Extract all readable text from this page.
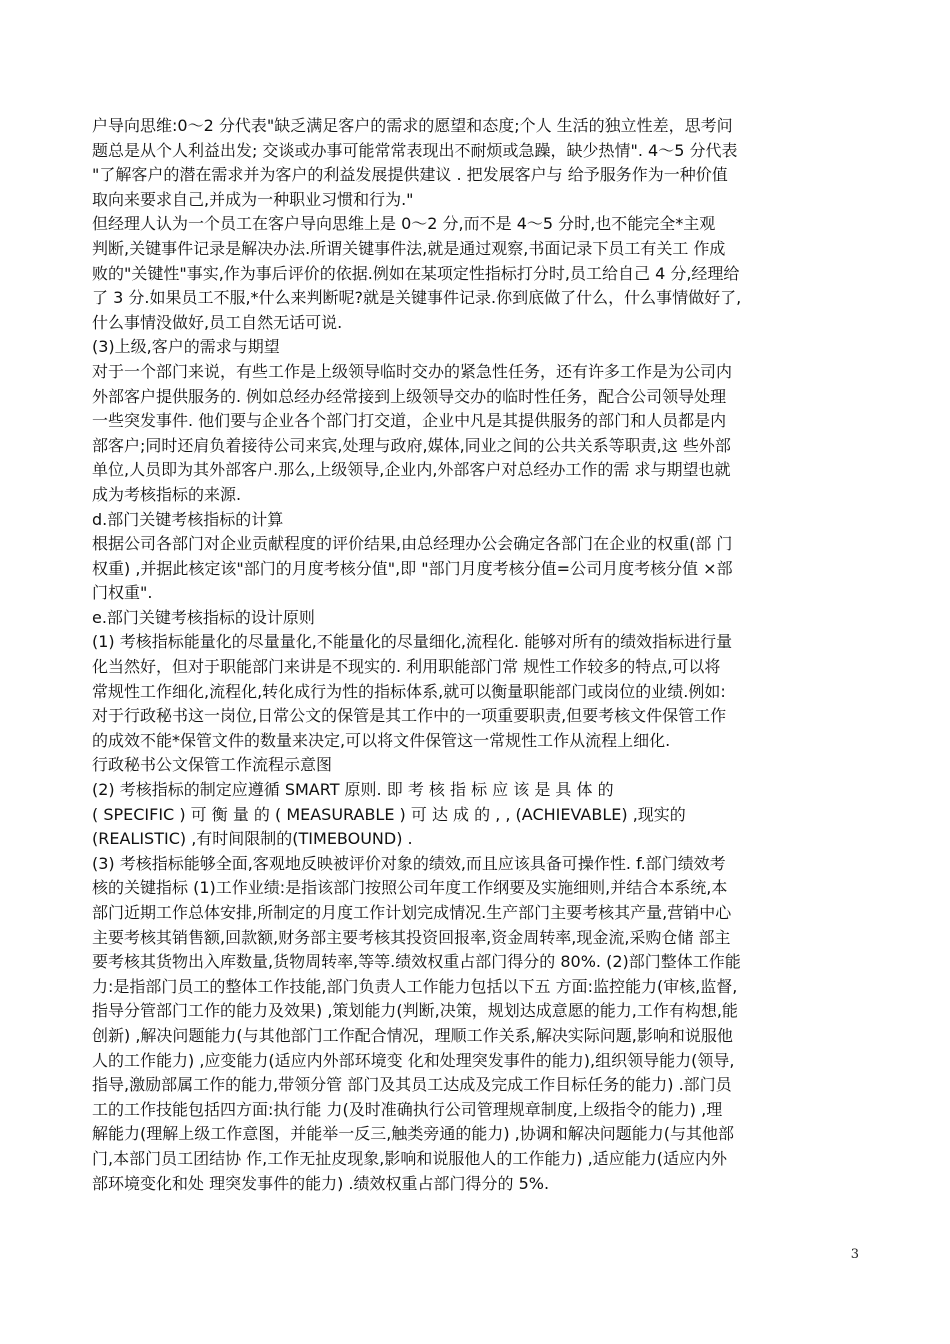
户导向思维:0～2 分代表"缺乏满足客户的需求的愿望和态度;个人 生活的独立性差，思考问
题总是从个人利益出发; 交谈或办事可能常常表现出不耐烦或急躁，缺少热情". 4～5 分代表
"了解客户的潜在需求并为客户的利益发展提供建议 . 把发展客户与 给予服务作为一种价值
取向来要求自己,并成为一种职业习惯和行为."
但经理人认为一个员工在客户导向思维上是 0～2 分,而不是 4～5 分时,也不能完全*主观
判断,关键事件记录是解决办法.所谓关键事件法,就是通过观察,书面记录下员工有关工 作成
败的"关键性"事实,作为事后评价的依据.例如在某项定性指标打分时,员工给自己 4 分,经理给
了 3 分.如果员工不服,*什么来判断呢?就是关键事件记录.你到底做了什么，什么事情做好了,
什么事情没做好,员工自然无话可说.
(3)上级,客户的需求与期望
对于一个部门来说，有些工作是上级领导临时交办的紧急性任务，还有许多工作是为公司内
外部客户提供服务的. 例如总经办经常接到上级领导交办的临时性任务，配合公司领导处理
一些突发事件. 他们要与企业各个部门打交道，企业中凡是其提供服务的部门和人员都是内
部客户;同时还肩负着接待公司来宾,处理与政府,媒体,同业之间的公共关系等职责,这 些外部
单位,人员即为其外部客户.那么,上级领导,企业内,外部客户对总经办工作的需 求与期望也就
成为考核指标的来源.
d.部门关键考核指标的计算
根据公司各部门对企业贡献程度的评价结果,由总经理办公会确定各部门在企业的权重(部 门
权重) ,并据此核定该"部门的月度考核分值",即 "部门月度考核分值=公司月度考核分值 ×部
门权重".
e.部门关键考核指标的设计原则
(1) 考核指标能量化的尽量量化,不能量化的尽量细化,流程化. 能够对所有的绩效指标进行量
化当然好，但对于职能部门来讲是不现实的. 利用职能部门常 规性工作较多的特点,可以将
常规性工作细化,流程化,转化成行为性的指标体系,就可以衡量职能部门或岗位的业绩.例如:
对于行政秘书这一岗位,日常公文的保管是其工作中的一项重要职责,但要考核文件保管工作
的成效不能*保管文件的数量来决定,可以将文件保管这一常规性工作从流程上细化.
行政秘书公文保管工作流程示意图
(2) 考核指标的制定应遵循 SMART 原则. 即 考 核 指 标 应 该 是 具 体 的
( SPECIFIC ) 可 衡 量 的 ( MEASURABLE ) 可 达 成 的 , , (ACHIEVABLE) ,现实的
(REALISTIC) ,有时间限制的(TIMEBOUND) .
(3) 考核指标能够全面,客观地反映被评价对象的绩效,而且应该具备可操作性. f.部门绩效考
核的关键指标 (1)工作业绩:是指该部门按照公司年度工作纲要及实施细则,并结合本系统,本
部门近期工作总体安排,所制定的月度工作计划完成情况.生产部门主要考核其产量,营销中心
主要考核其销售额,回款额,财务部主要考核其投资回报率,资金周转率,现金流,采购仓储 部主
要考核其货物出入库数量,货物周转率,等等.绩效权重占部门得分的 80%. (2)部门整体工作能
力:是指部门员工的整体工作技能,部门负责人工作能力包括以下五 方面:监控能力(审核,监督,
指导分管部门工作的能力及效果) ,策划能力(判断,决策，规划达成意愿的能力,工作有构想,能
创新) ,解决问题能力(与其他部门工作配合情况，理顺工作关系,解决实际问题,影响和说服他
人的工作能力) ,应变能力(适应内外部环境变 化和处理突发事件的能力),组织领导能力(领导,
指导,激励部属工作的能力,带领分管 部门及其员工达成及完成工作目标任务的能力) .部门员
工的工作技能包括四方面:执行能 力(及时准确执行公司管理规章制度,上级指令的能力) ,理
解能力(理解上级工作意图，并能举一反三,触类旁通的能力) ,协调和解决问题能力(与其他部
门,本部门员工团结协 作,工作无扯皮现象,影响和说服他人的工作能力) ,适应能力(适应内外
部环境变化和处 理突发事件的能力) .绩效权重占部门得分的 5%.
3
